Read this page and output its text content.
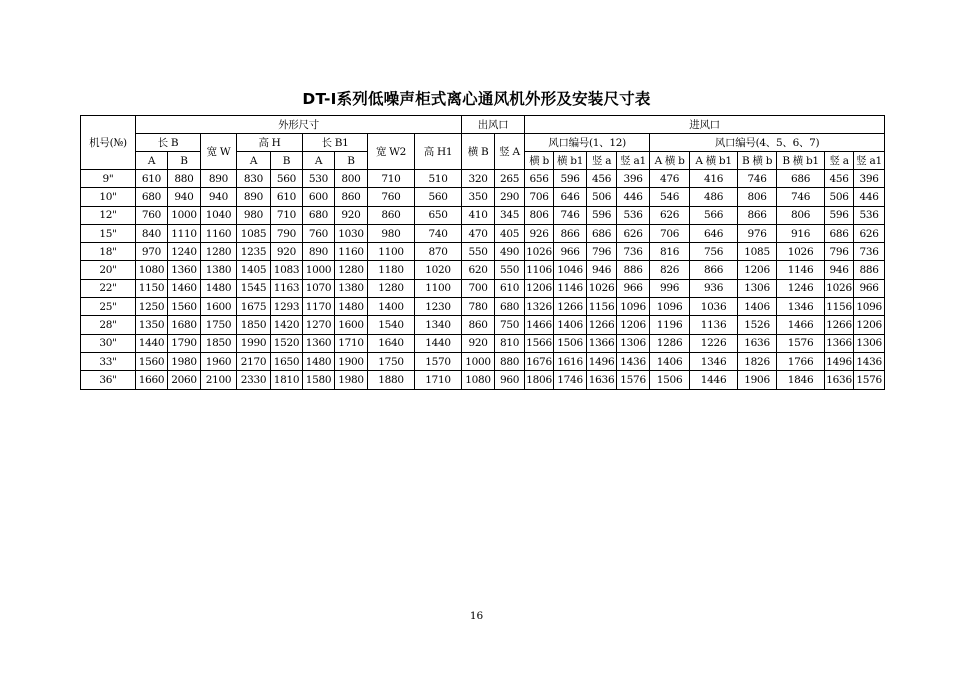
DT-Ⅰ系列低噪声柜式离心通风机外形及安装尺寸表
机号(№)	外形尺寸									出风口		进风口									
	长 B		宽 W	高 H		长 B1		宽 W2	高 H1	横 B	竖 A	风口编号(1、12)				风口编号(4、5、6、7)					
	A	B		A	B	A	B					横 b	横 b1	竖 a	竖 a1	A 横 b	A 横 b1	B 横 b	B 横 b1	竖 a	竖 a1
9"	610	880	890	830	560	530	800	710	510	320	265	656	596	456	396	476	416	746	686	456	396
10"	680	940	940	890	610	600	860	760	560	350	290	706	646	506	446	546	486	806	746	506	446
12"	760	1000	1040	980	710	680	920	860	650	410	345	806	746	596	536	626	566	866	806	596	536
15"	840	1110	1160	1085	790	760	1030	980	740	470	405	926	866	686	626	706	646	976	916	686	626
18"	970	1240	1280	1235	920	890	1160	1100	870	550	490	1026	966	796	736	816	756	1085	1026	796	736
20"	1080	1360	1380	1405	1083	1000	1280	1180	1020	620	550	1106	1046	946	886	826	866	1206	1146	946	886
22"	1150	1460	1480	1545	1163	1070	1380	1280	1100	700	610	1206	1146	1026	966	996	936	1306	1246	1026	966
25"	1250	1560	1600	1675	1293	1170	1480	1400	1230	780	680	1326	1266	1156	1096	1096	1036	1406	1346	1156	1096
28"	1350	1680	1750	1850	1420	1270	1600	1540	1340	860	750	1466	1406	1266	1206	1196	1136	1526	1466	1266	1206
30"	1440	1790	1850	1990	1520	1360	1710	1640	1440	920	810	1566	1506	1366	1306	1286	1226	1636	1576	1366	1306
33"	1560	1980	1960	2170	1650	1480	1900	1750	1570	1000	880	1676	1616	1496	1436	1406	1346	1826	1766	1496	1436
36"	1660	2060	2100	2330	1810	1580	1980	1880	1710	1080	960	1806	1746	1636	1576	1506	1446	1906	1846	1636	1576
16
